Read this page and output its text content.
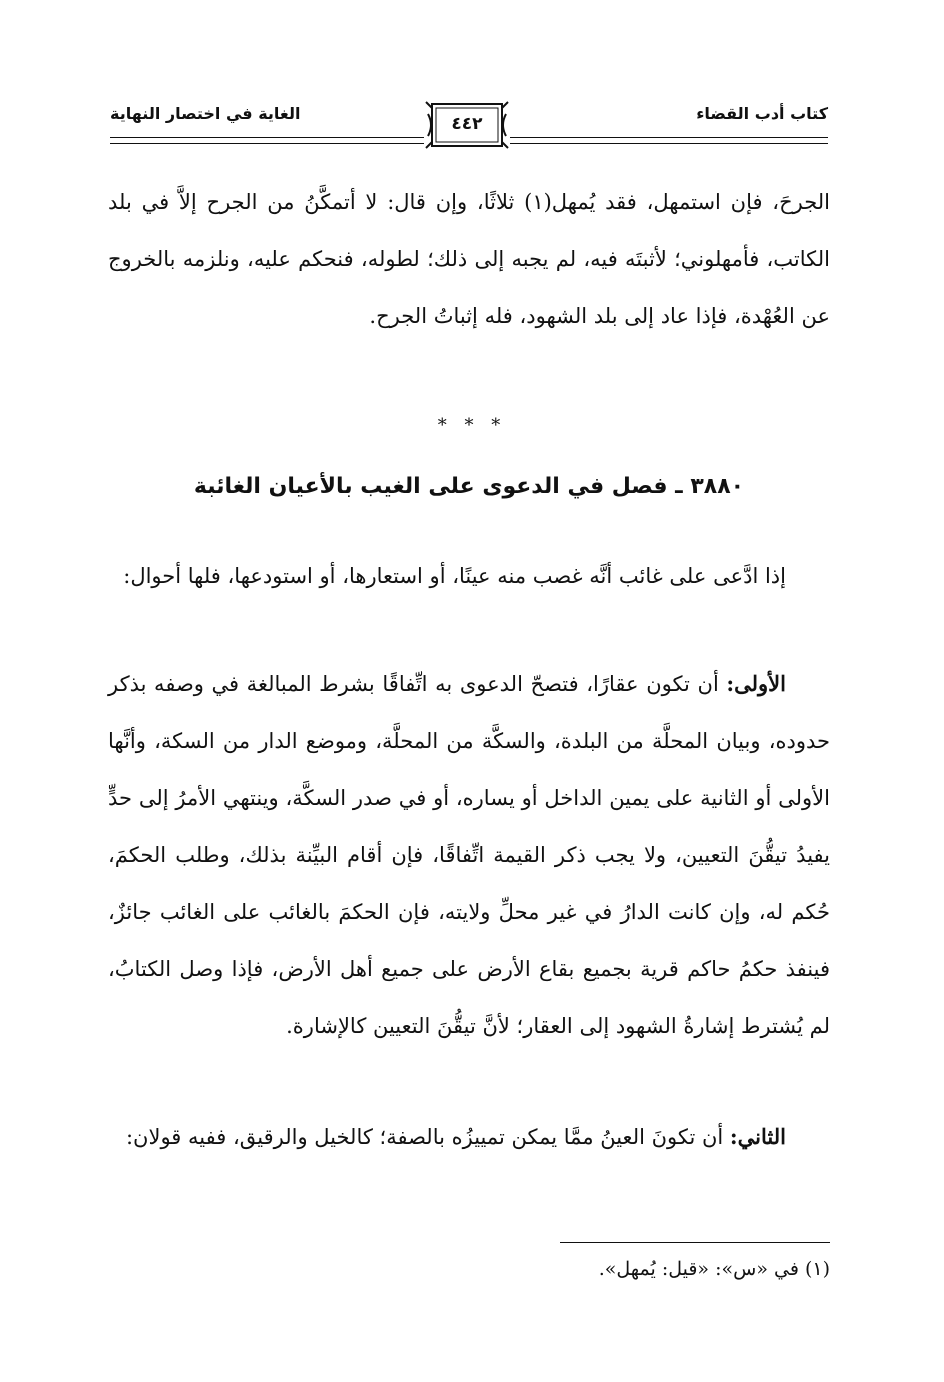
كتاب أدب القضاء
الغاية في اختصار النهاية
٤٤٢
الجرحَ، فإن استمهل، فقد يُمهل(١) ثلاثًا، وإن قال: لا أتمكَّنُ من الجرح إلاَّ في بلد الكاتب، فأمهلوني؛ لأثبتَه فيه، لم يجبه إلى ذلك؛ لطوله، فنحكم عليه، ونلزمه بالخروج عن العُهْدة، فإذا عاد إلى بلد الشهود، فله إثباتُ الجرح.
* * *
٣٨٨٠ ـ فصل في الدعوى على الغيب بالأعيان الغائبة
إذا ادَّعى على غائب أنَّه غصب منه عينًا، أو استعارها، أو استودعها، فلها أحوال:
الأولى: أن تكون عقارًا، فتصحّ الدعوى به اتِّفاقًا بشرط المبالغة في وصفه بذكر حدوده، وبيان المحلَّة من البلدة، والسكَّة من المحلَّة، وموضع الدار من السكة، وأنَّها الأولى أو الثانية على يمين الداخل أو يساره، أو في صدر السكَّة، وينتهي الأمرُ إلى حدٍّ يفيدُ تيقُّنَ التعيين، ولا يجب ذكر القيمة اتِّفاقًا، فإن أقام البيِّنة بذلك، وطلب الحكمَ، حُكم له، وإن كانت الدارُ في غير محلِّ ولايته، فإن الحكمَ بالغائب على الغائب جائزٌ، فينفذ حكمُ حاكم قرية بجميع بقاع الأرض على جميع أهل الأرض، فإذا وصل الكتابُ، لم يُشترط إشارةُ الشهود إلى العقار؛ لأنَّ تيقُّنَ التعيين كالإشارة.
الثاني: أن تكونَ العينُ ممَّا يمكن تمييزُه بالصفة؛ كالخيل والرقيق، ففيه قولان:
(١) في «س»: «قيل: يُمهل».
